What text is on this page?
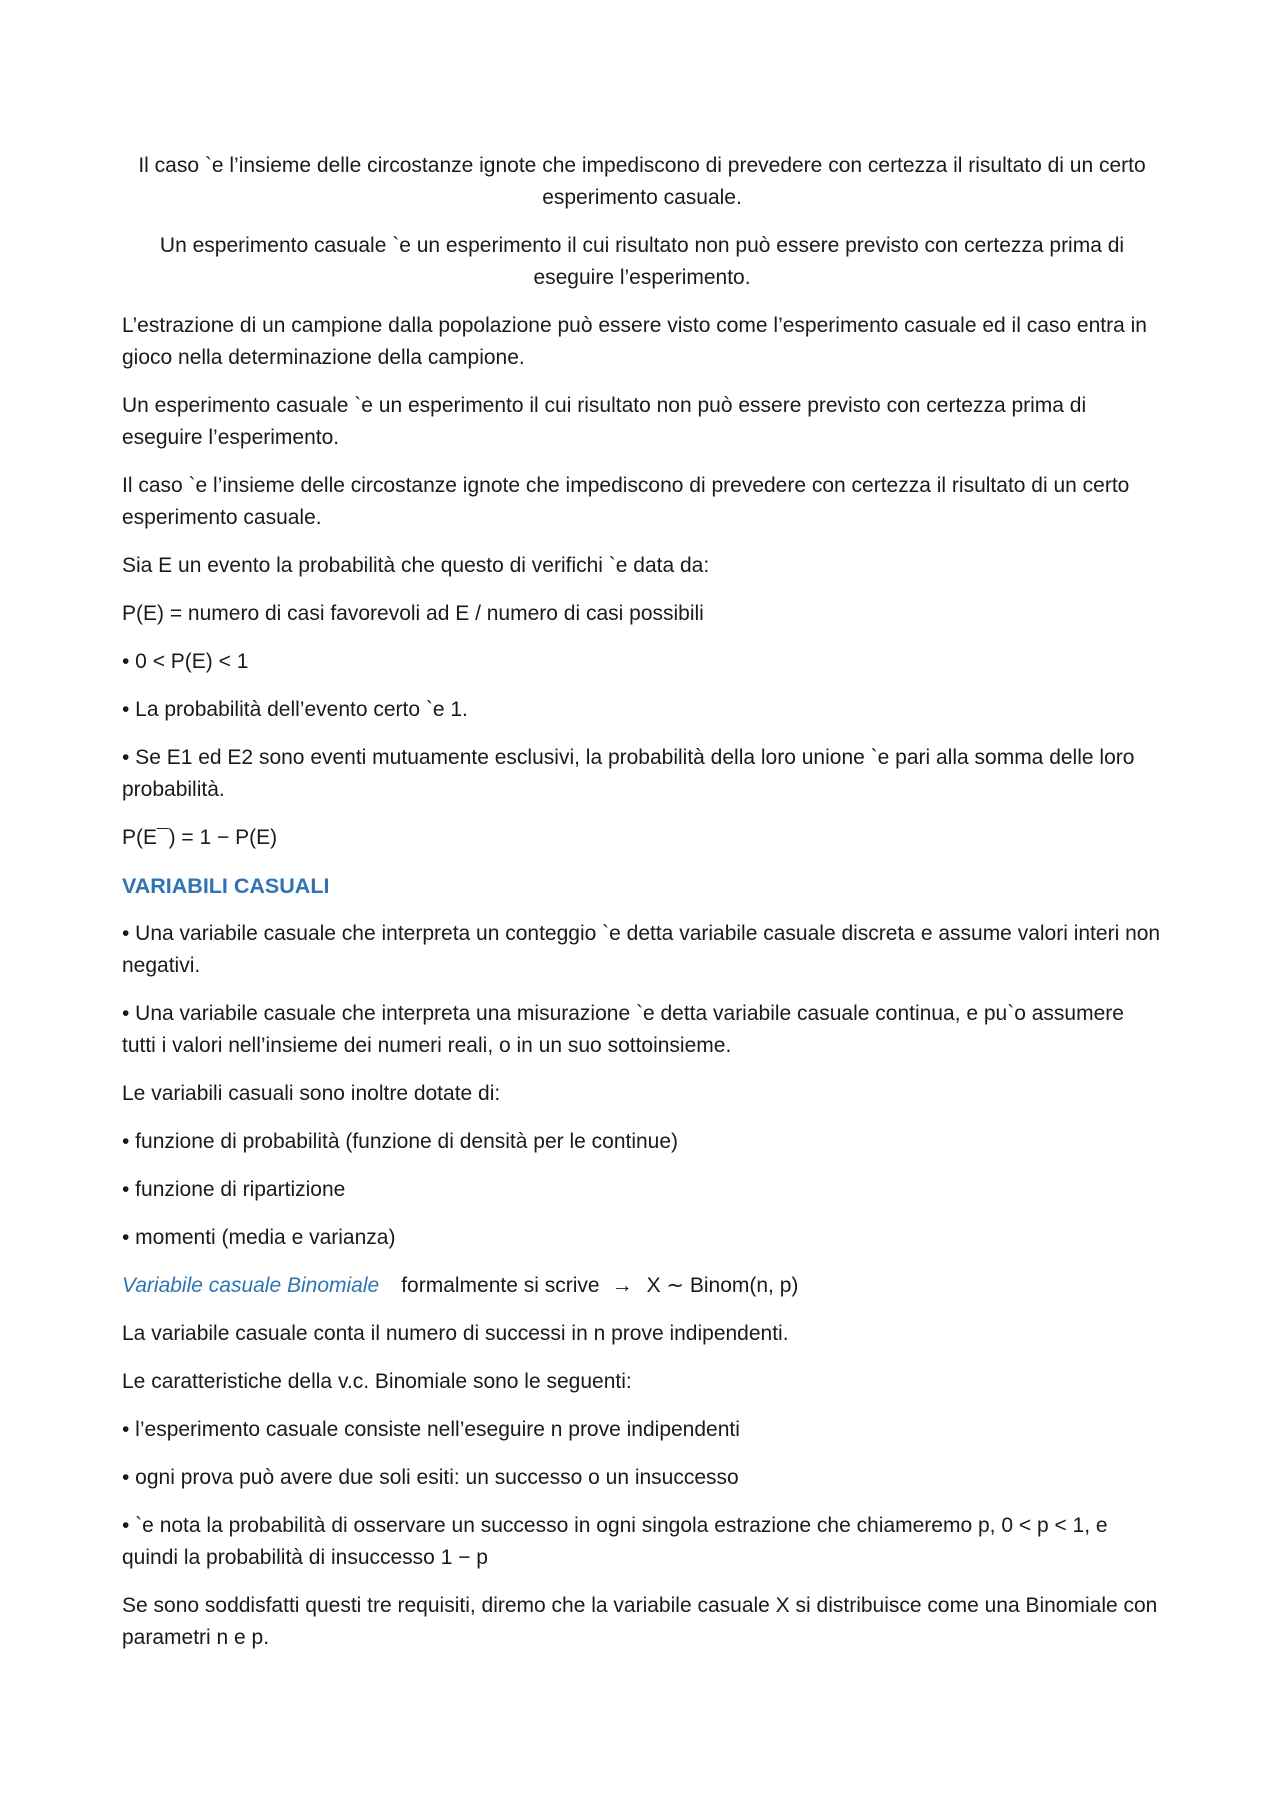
Il caso `e l’insieme delle circostanze ignote che impediscono di prevedere con certezza il risultato di un certo esperimento casuale.

Un esperimento casuale `e un esperimento il cui risultato non può essere previsto con certezza prima di eseguire l’esperimento.

L’estrazione di un campione dalla popolazione può essere visto come l’esperimento casuale ed il caso entra in gioco nella determinazione della campione.

Un esperimento casuale `e un esperimento il cui risultato non può essere previsto con certezza prima di eseguire l’esperimento.

Il caso `e l’insieme delle circostanze ignote che impediscono di prevedere con certezza il risultato di un certo esperimento casuale.

Sia E un evento la probabilità che questo di verifichi `e data da:

P(E) = numero di casi favorevoli ad E / numero di casi possibili

• 0 < P(E) < 1

• La probabilità dell’evento certo `e 1.

• Se E1 ed E2 sono eventi mutuamente esclusivi, la probabilità della loro unione `e pari alla somma delle loro probabilità.

P(E¯) = 1 − P(E)

VARIABILI CASUALI

• Una variabile casuale che interpreta un conteggio `e detta variabile casuale discreta e assume valori interi non negativi.

• Una variabile casuale che interpreta una misurazione `e detta variabile casuale continua, e pu`o assumere tutti i valori nell’insieme dei numeri reali, o in un suo sottoinsieme.

Le variabili casuali sono inoltre dotate di:

• funzione di probabilità (funzione di densità per le continue)

• funzione di ripartizione

• momenti (media e varianza)

Variabile casuale Binomiale formalmente si scrive → X ∼ Binom(n, p)

La variabile casuale conta il numero di successi in n prove indipendenti.

Le caratteristiche della v.c. Binomiale sono le seguenti:

• l’esperimento casuale consiste nell’eseguire n prove indipendenti

• ogni prova può avere due soli esiti: un successo o un insuccesso

• `e nota la probabilità di osservare un successo in ogni singola estrazione che chiameremo p, 0 < p < 1, e quindi la probabilità di insuccesso 1 − p

Se sono soddisfatti questi tre requisiti, diremo che la variabile casuale X si distribuisce come una Binomiale con parametri n e p.
